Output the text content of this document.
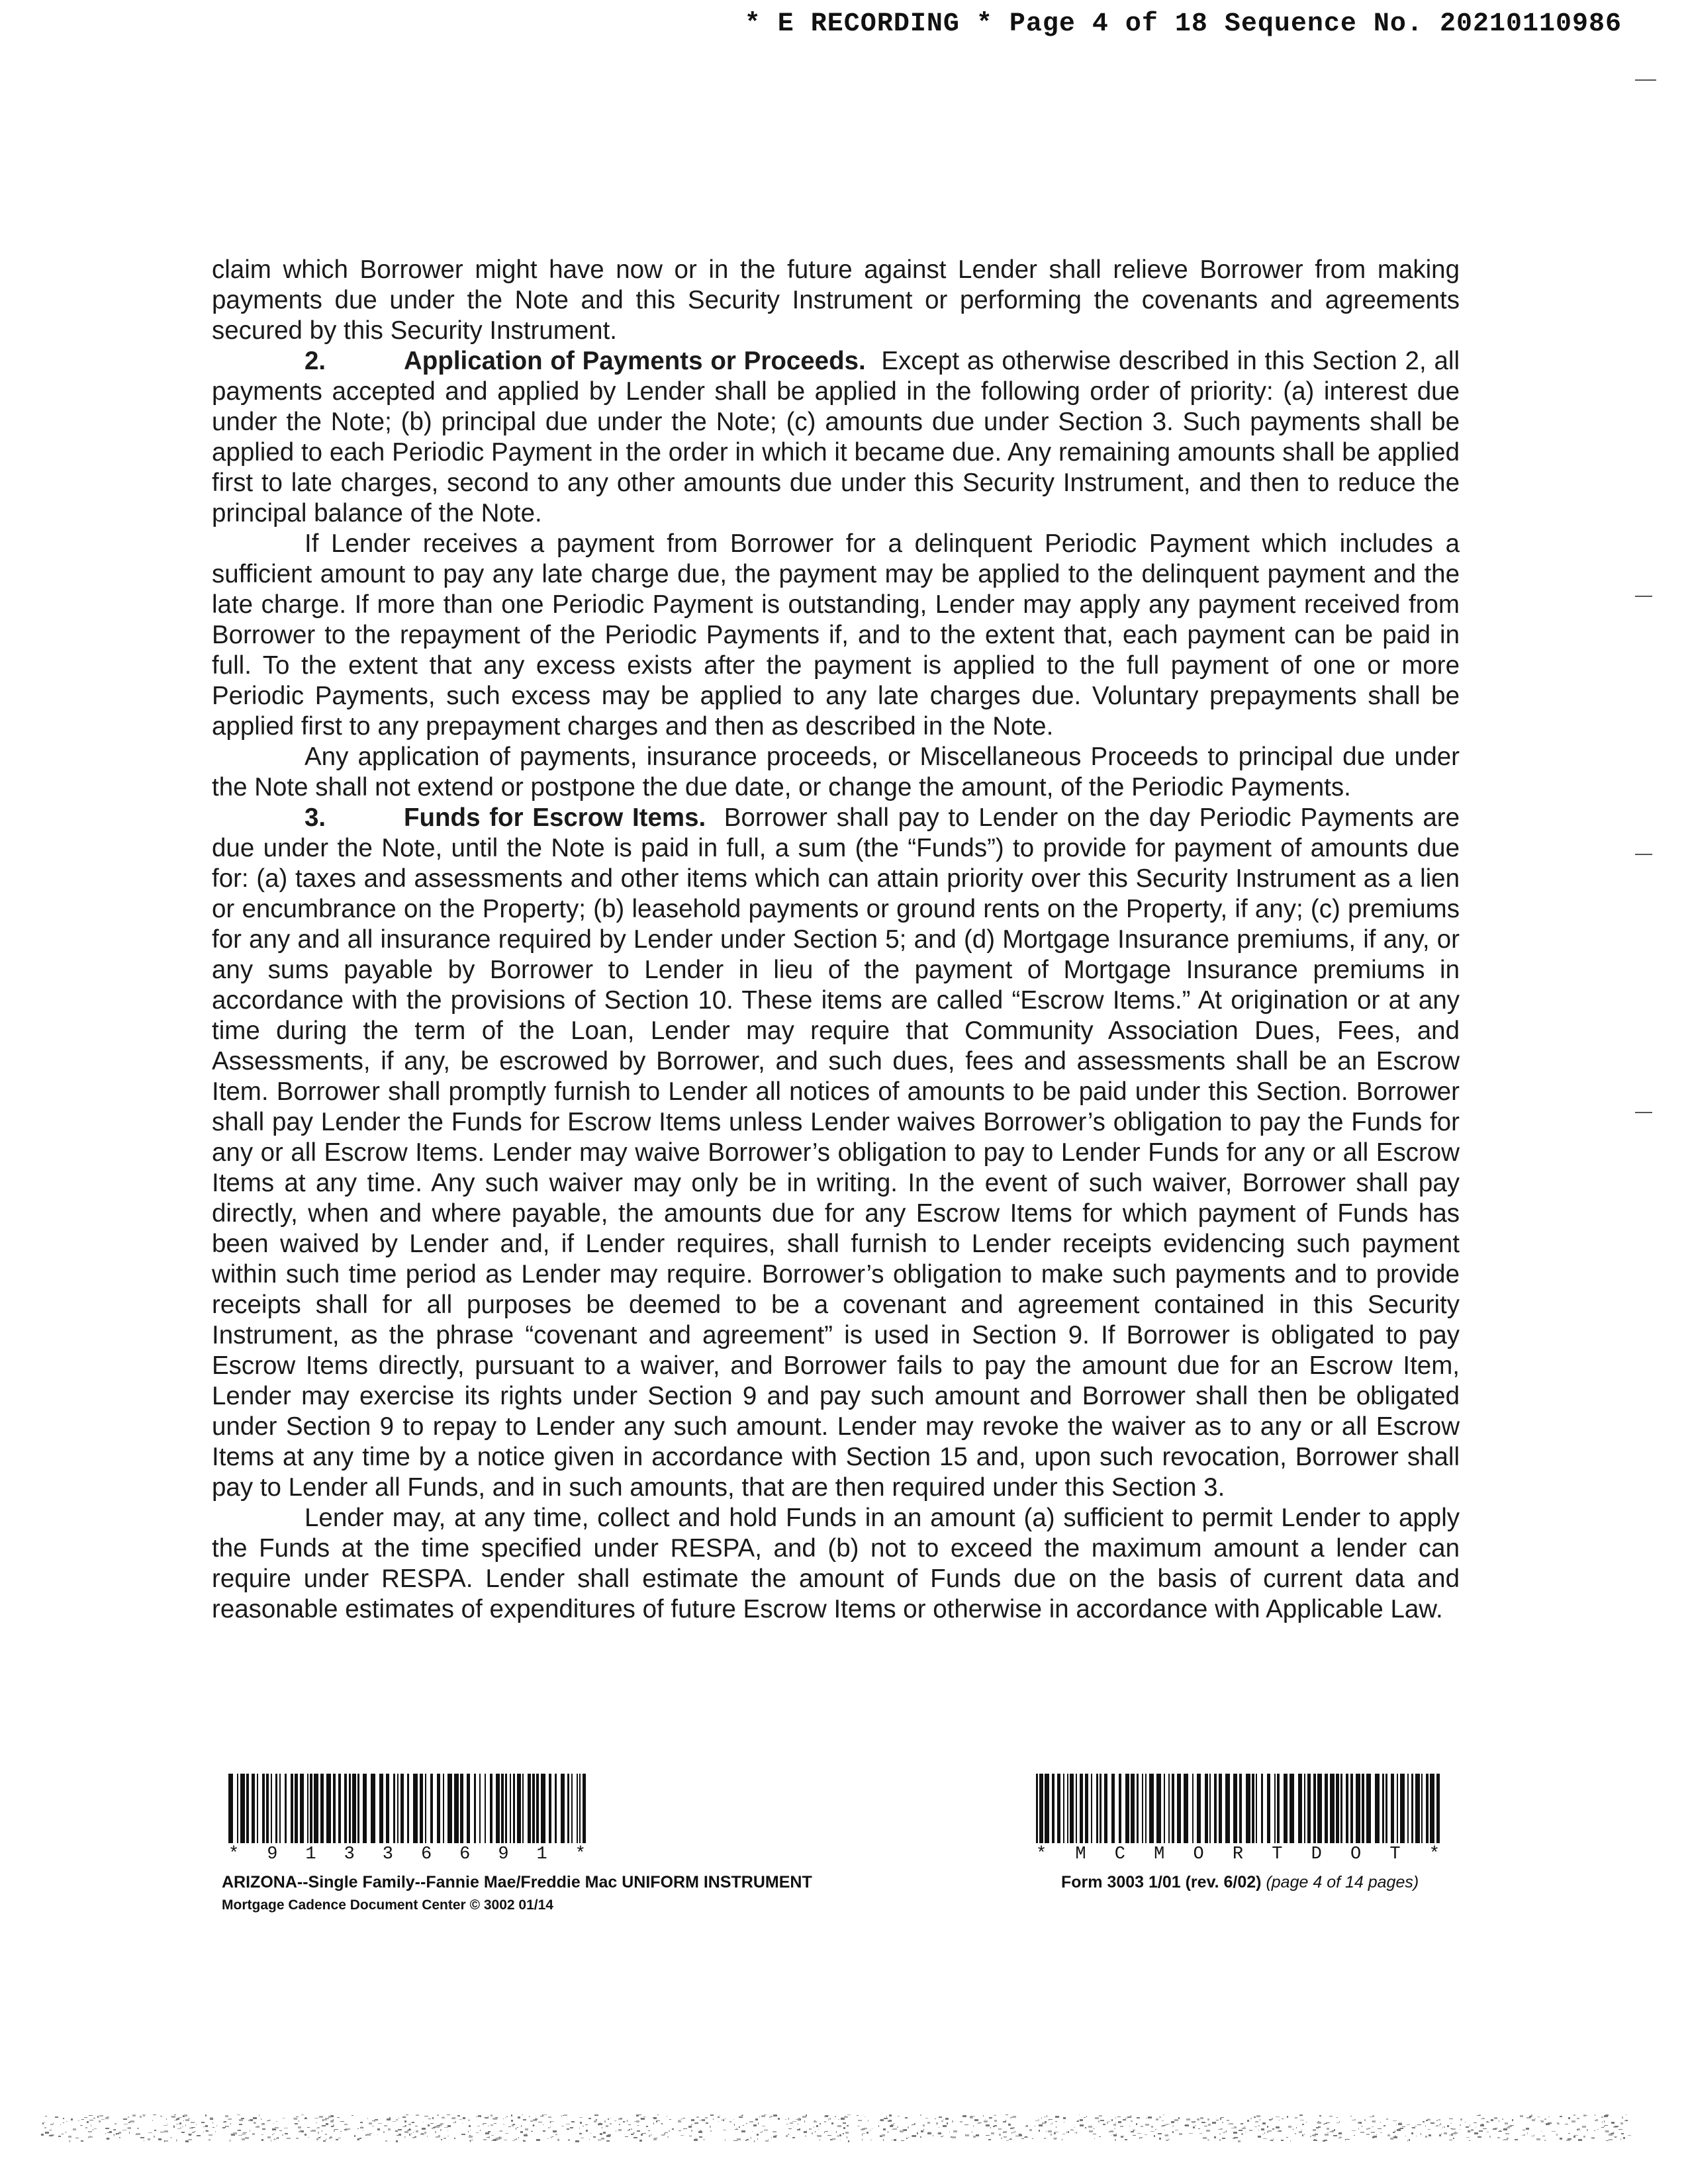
* E RECORDING * Page 4 of 18 Sequence No. 20210110986

claim which Borrower might have now or in the future against Lender shall relieve Borrower from making payments due under the Note and this Security Instrument or performing the covenants and agreements secured by this Security Instrument.

2.	Application of Payments or Proceeds. Except as otherwise described in this Section 2, all payments accepted and applied by Lender shall be applied in the following order of priority: (a) interest due under the Note; (b) principal due under the Note; (c) amounts due under Section 3. Such payments shall be applied to each Periodic Payment in the order in which it became due. Any remaining amounts shall be applied first to late charges, second to any other amounts due under this Security Instrument, and then to reduce the principal balance of the Note.

If Lender receives a payment from Borrower for a delinquent Periodic Payment which includes a sufficient amount to pay any late charge due, the payment may be applied to the delinquent payment and the late charge. If more than one Periodic Payment is outstanding, Lender may apply any payment received from Borrower to the repayment of the Periodic Payments if, and to the extent that, each payment can be paid in full. To the extent that any excess exists after the payment is applied to the full payment of one or more Periodic Payments, such excess may be applied to any late charges due. Voluntary prepayments shall be applied first to any prepayment charges and then as described in the Note.

Any application of payments, insurance proceeds, or Miscellaneous Proceeds to principal due under the Note shall not extend or postpone the due date, or change the amount, of the Periodic Payments.

3.	Funds for Escrow Items. Borrower shall pay to Lender on the day Periodic Payments are due under the Note, until the Note is paid in full, a sum (the “Funds”) to provide for payment of amounts due for: (a) taxes and assessments and other items which can attain priority over this Security Instrument as a lien or encumbrance on the Property; (b) leasehold payments or ground rents on the Property, if any; (c) premiums for any and all insurance required by Lender under Section 5; and (d) Mortgage Insurance premiums, if any, or any sums payable by Borrower to Lender in lieu of the payment of Mortgage Insurance premiums in accordance with the provisions of Section 10. These items are called “Escrow Items.” At origination or at any time during the term of the Loan, Lender may require that Community Association Dues, Fees, and Assessments, if any, be escrowed by Borrower, and such dues, fees and assessments shall be an Escrow Item. Borrower shall promptly furnish to Lender all notices of amounts to be paid under this Section. Borrower shall pay Lender the Funds for Escrow Items unless Lender waives Borrower’s obligation to pay the Funds for any or all Escrow Items. Lender may waive Borrower’s obligation to pay to Lender Funds for any or all Escrow Items at any time. Any such waiver may only be in writing. In the event of such waiver, Borrower shall pay directly, when and where payable, the amounts due for any Escrow Items for which payment of Funds has been waived by Lender and, if Lender requires, shall furnish to Lender receipts evidencing such payment within such time period as Lender may require. Borrower’s obligation to make such payments and to provide receipts shall for all purposes be deemed to be a covenant and agreement contained in this Security Instrument, as the phrase “covenant and agreement” is used in Section 9. If Borrower is obligated to pay Escrow Items directly, pursuant to a waiver, and Borrower fails to pay the amount due for an Escrow Item, Lender may exercise its rights under Section 9 and pay such amount and Borrower shall then be obligated under Section 9 to repay to Lender any such amount. Lender may revoke the waiver as to any or all Escrow Items at any time by a notice given in accordance with Section 15 and, upon such revocation, Borrower shall pay to Lender all Funds, and in such amounts, that are then required under this Section 3.

Lender may, at any time, collect and hold Funds in an amount (a) sufficient to permit Lender to apply the Funds at the time specified under RESPA, and (b) not to exceed the maximum amount a lender can require under RESPA. Lender shall estimate the amount of Funds due on the basis of current data and reasonable estimates of expenditures of future Escrow Items or otherwise in accordance with Applicable Law.

* 9 1 3 3 6 6 9 1 *	* M C M O R T D O T *
ARIZONA--Single Family--Fannie Mae/Freddie Mac UNIFORM INSTRUMENT
Mortgage Cadence Document Center © 3002 01/14
Form 3003 1/01 (rev. 6/02) (page 4 of 14 pages)
